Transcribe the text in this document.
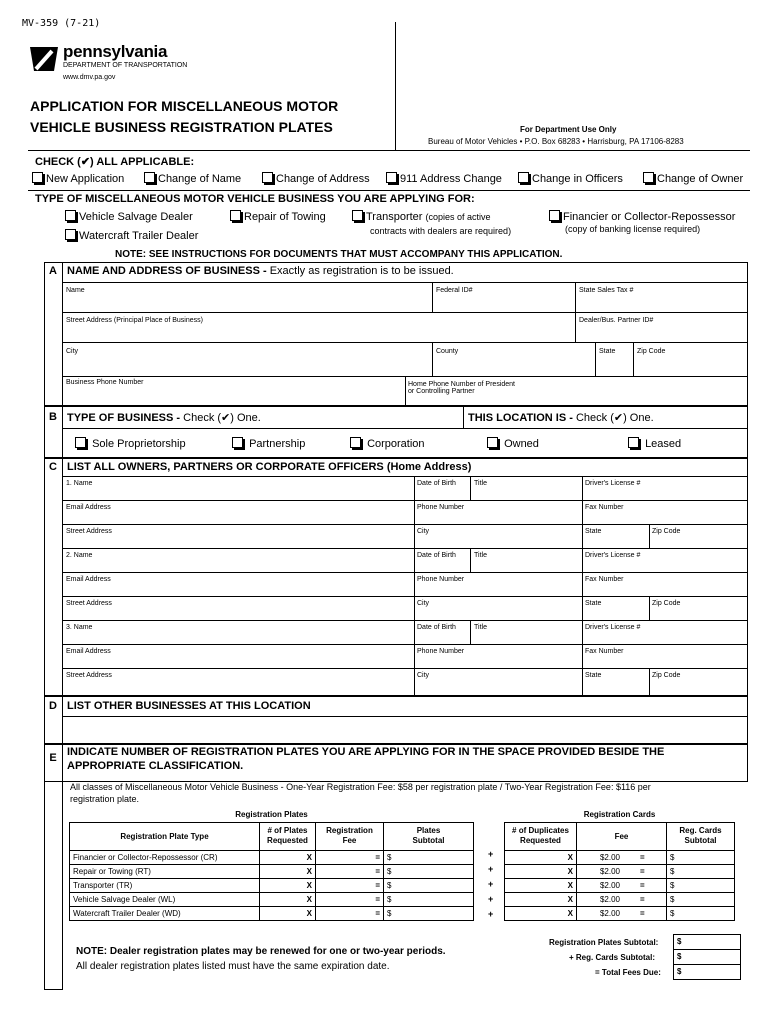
MV-359 (7-21)
pennsylvania
DEPARTMENT OF TRANSPORTATION
www.dmv.pa.gov
APPLICATION FOR MISCELLANEOUS MOTOR
VEHICLE BUSINESS REGISTRATION PLATES	For Department Use Only
Bureau of Motor Vehicles • P.O. Box 68283 • Harrisburg, PA 17106-8283
CHECK (✔) ALL APPLICABLE:
New Application	Change of Name	Change of Address	911 Address Change	Change in Officers	Change of Owner
TYPE OF MISCELLANEOUS MOTOR VEHICLE BUSINESS YOU ARE APPLYING FOR:
Vehicle Salvage Dealer	Repair of Towing	Transporter (copies of active
contracts with dealers are required)
Financier or Collector-Repossessor
(copy of banking license required)
Watercraft Trailer Dealer
NOTE: SEE INSTRUCTIONS FOR DOCUMENTS THAT MUST ACCOMPANY THIS APPLICATION.
A NAME AND ADDRESS OF BUSINESS - Exactly as registration is to be issued.
Name	Federal ID#	State Sales Tax #
Street Address (Principal Place of Business)	Dealer/Bus. Partner ID#
City	County	State	Zip Code
Business Phone Number	Home Phone Number of President
or Controlling Partner
B TYPE OF BUSINESS - Check (✔) One.	THIS LOCATION IS - Check (✔) One.
Sole Proprietorship	Partnership	Corporation	Owned	Leased
C LIST ALL OWNERS, PARTNERS OR CORPORATE OFFICERS (Home Address)
1. Name	Date of Birth	Title	Driver's License #
Email Address	Phone Number	Fax Number
Street Address	City	State	Zip Code
2. Name	Date of Birth	Title	Driver's License #
Email Address	Phone Number	Fax Number
Street Address	City	State	Zip Code
3. Name	Date of Birth	Title	Driver's License #
Email Address	Phone Number	Fax Number
Street Address	City	State	Zip Code
D LIST OTHER BUSINESSES AT THIS LOCATION
E INDICATE NUMBER OF REGISTRATION PLATES YOU ARE APPLYING FOR IN THE SPACE PROVIDED BESIDE THE
APPROPRIATE CLASSIFICATION.
All classes of Miscellaneous Motor Vehicle Business - One-Year Registration Fee: $58 per registration plate / Two-Year Registration Fee: $116 per
registration plate.
Registration Plates			
Registration Plate Type	# of Plates
Requested	Registration
Fee	Plates
Subtotal
Financier or Collector-Repossessor (CR)	X	=	$
Repair or Towing (RT)	X	=	$
Transporter (TR)	X	=	$
Vehicle Salvage Dealer (WL)	X	=	$
Watercraft Trailer Dealer (WD)	X	=	$
+
+
+
+
+
Registration Cards		
# of Duplicates
Requested	Fee	Reg. Cards
Subtotal
X	$2.00 =	$
X	$2.00 =	$
X	$2.00 =	$
X	$2.00 =	$
X	$2.00 =	$
NOTE: Dealer registration plates may be renewed for one or two-year periods.
All dealer registration plates listed must have the same expiration date.
Registration Plates Subtotal:
+ Reg. Cards Subtotal:
= Total Fees Due:
$
$
$
